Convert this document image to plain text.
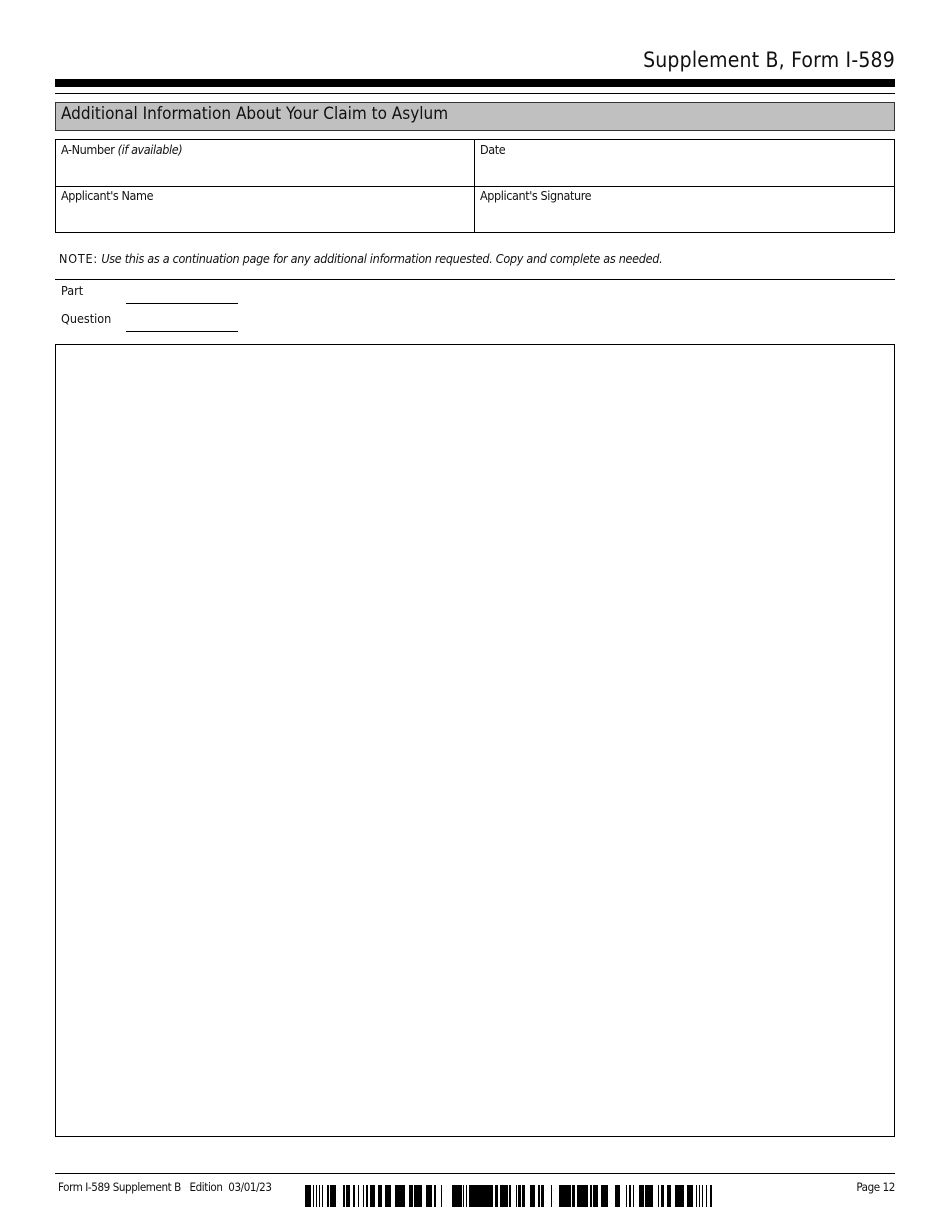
Supplement B, Form I-589
Additional Information About Your Claim to Asylum
A-Number (if available)	Date
Applicant's Name	Applicant's Signature
NOTE: Use this as a continuation page for any additional information requested. Copy and complete as needed.
Part
Question
Form I-589 Supplement B   Edition  03/01/23	Page 12
